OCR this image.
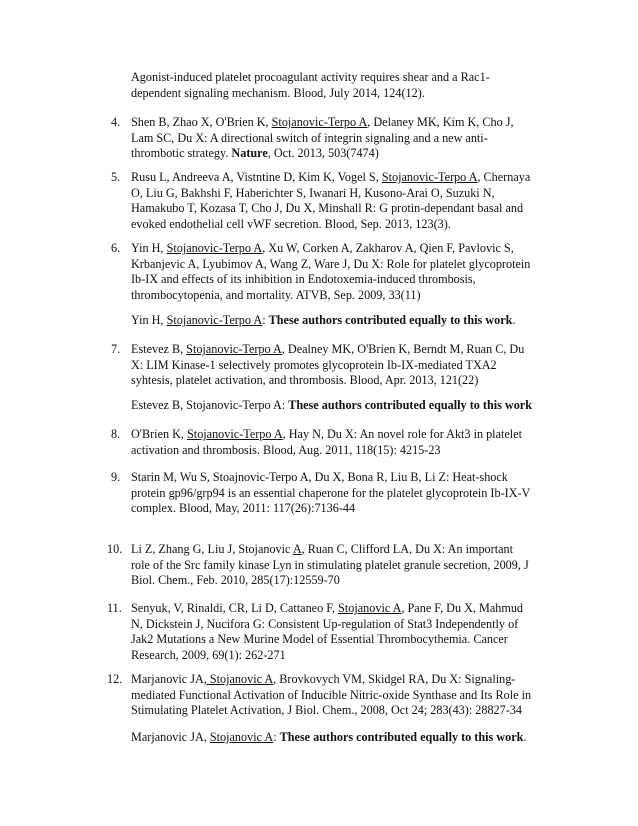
Agonist-induced platelet procoagulant activity requires shear and a Rac1-

dependent signaling mechanism. Blood, July 2014, 124(12).

4. Shen B, Zhao X, O'Brien K, Stojanovic-Terpo A, Delaney MK, Kim K, Cho J,

Lam SC, Du X: A directional switch of integrin signaling and a new anti-

thrombotic strategy. Nature, Oct. 2013, 503(7474)

5. Rusu L, Andreeva A, Vistntine D, Kim K, Vogel S, Stojanovic-Terpo A, Chernaya

O, Liu G, Bakhshi F, Haberichter S, Iwanari H, Kusono-Arai O, Suzuki N,

Hamakubo T, Kozasa T, Cho J, Du X, Minshall R: G protin-dependant basal and

evoked endothelial cell vWF secretion. Blood, Sep. 2013, 123(3).

6. Yin H, Stojanovic-Terpo A, Xu W, Corken A, Zakharov A, Qien F, Pavlovic S,

Krbanjevic A, Lyubimov A, Wang Z, Ware J, Du X: Role for platelet glycoprotein

Ib-IX and effects of its inhibition in Endotoxemia-induced thrombosis,

thrombocytopenia, and mortality. ATVB, Sep. 2009, 33(11)

Yin H, Stojanovic-Terpo A: These authors contributed equally to this work.

7. Estevez B, Stojanovic-Terpo A, Dealney MK, O'Brien K, Berndt M, Ruan C, Du

X: LIM Kinase-1 selectively promotes glycoprotein Ib-IX-mediated TXA2

syhtesis, platelet activation, and thrombosis. Blood, Apr. 2013, 121(22)

Estevez B, Stojanovic-Terpo A: These authors contributed equally to this work

8. O'Brien K, Stojanovic-Terpo A, Hay N, Du X: An novel role for Akt3 in platelet

activation and thrombosis. Blood, Aug. 2011, 118(15): 4215-23

9. Starin M, Wu S, Stoajnovic-Terpo A, Du X, Bona R, Liu B, Li Z: Heat-shock

protein gp96/grp94 is an essential chaperone for the platelet glycoprotein Ib-IX-V

complex. Blood, May, 2011: 117(26):7136-44

10. Li Z, Zhang G, Liu J, Stojanovic A, Ruan C, Clifford LA, Du X: An important

role of the Src family kinase Lyn in stimulating platelet granule secretion, 2009, J

Biol. Chem., Feb. 2010, 285(17):12559-70

11. Senyuk, V, Rinaldi, CR, Li D, Cattaneo F, Stojanovic A, Pane F, Du X, Mahmud

N, Dickstein J, Nucifora G: Consistent Up-regulation of Stat3 Independently of

Jak2 Mutations a New Murine Model of Essential Thrombocythemia. Cancer

Research, 2009, 69(1): 262-271

12. Marjanovic JA, Stojanovic A, Brovkovych VM, Skidgel RA, Du X: Signaling-

mediated Functional Activation of Inducible Nitric-oxide Synthase and Its Role in

Stimulating Platelet Activation, J Biol. Chem., 2008, Oct 24; 283(43): 28827-34

Marjanovic JA, Stojanovic A: These authors contributed equally to this work.
